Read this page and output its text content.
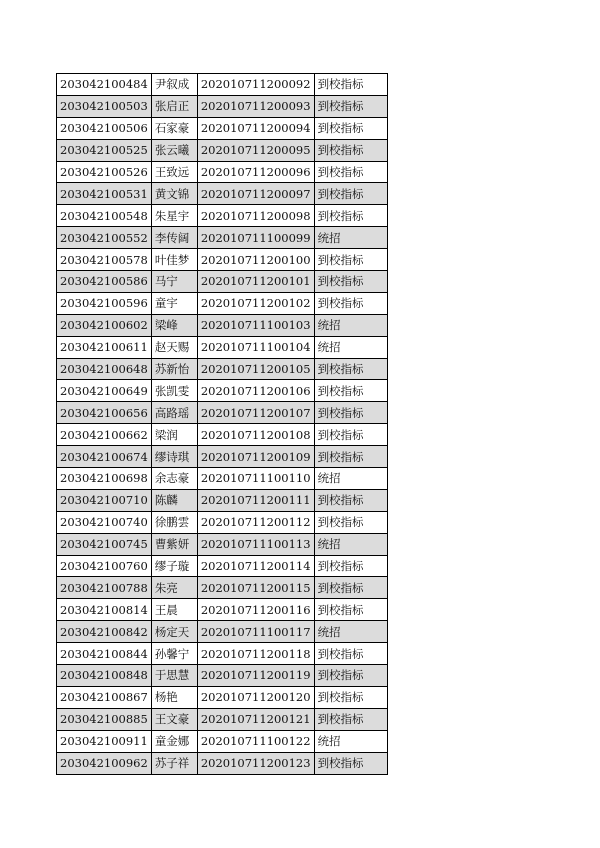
203042100484	尹叙成	202010711200092	到校指标
203042100503	张启正	202010711200093	到校指标
203042100506	石家豪	202010711200094	到校指标
203042100525	张云曦	202010711200095	到校指标
203042100526	王致远	202010711200096	到校指标
203042100531	黄文锦	202010711200097	到校指标
203042100548	朱星宇	202010711200098	到校指标
203042100552	李传阔	202010711100099	统招
203042100578	叶佳梦	202010711200100	到校指标
203042100586	马宁	202010711200101	到校指标
203042100596	童宇	202010711200102	到校指标
203042100602	梁峰	202010711100103	统招
203042100611	赵天赐	202010711100104	统招
203042100648	苏新怡	202010711200105	到校指标
203042100649	张凯雯	202010711200106	到校指标
203042100656	高路瑶	202010711200107	到校指标
203042100662	梁润	202010711200108	到校指标
203042100674	缪诗琪	202010711200109	到校指标
203042100698	余志豪	202010711100110	统招
203042100710	陈麟	202010711200111	到校指标
203042100740	徐鹏雲	202010711200112	到校指标
203042100745	曹紫妍	202010711100113	统招
203042100760	缪子璇	202010711200114	到校指标
203042100788	朱亮	202010711200115	到校指标
203042100814	王晨	202010711200116	到校指标
203042100842	杨定天	202010711100117	统招
203042100844	孙馨宁	202010711200118	到校指标
203042100848	于思慧	202010711200119	到校指标
203042100867	杨艳	202010711200120	到校指标
203042100885	王文豪	202010711200121	到校指标
203042100911	童金娜	202010711100122	统招
203042100962	苏子祥	202010711200123	到校指标
